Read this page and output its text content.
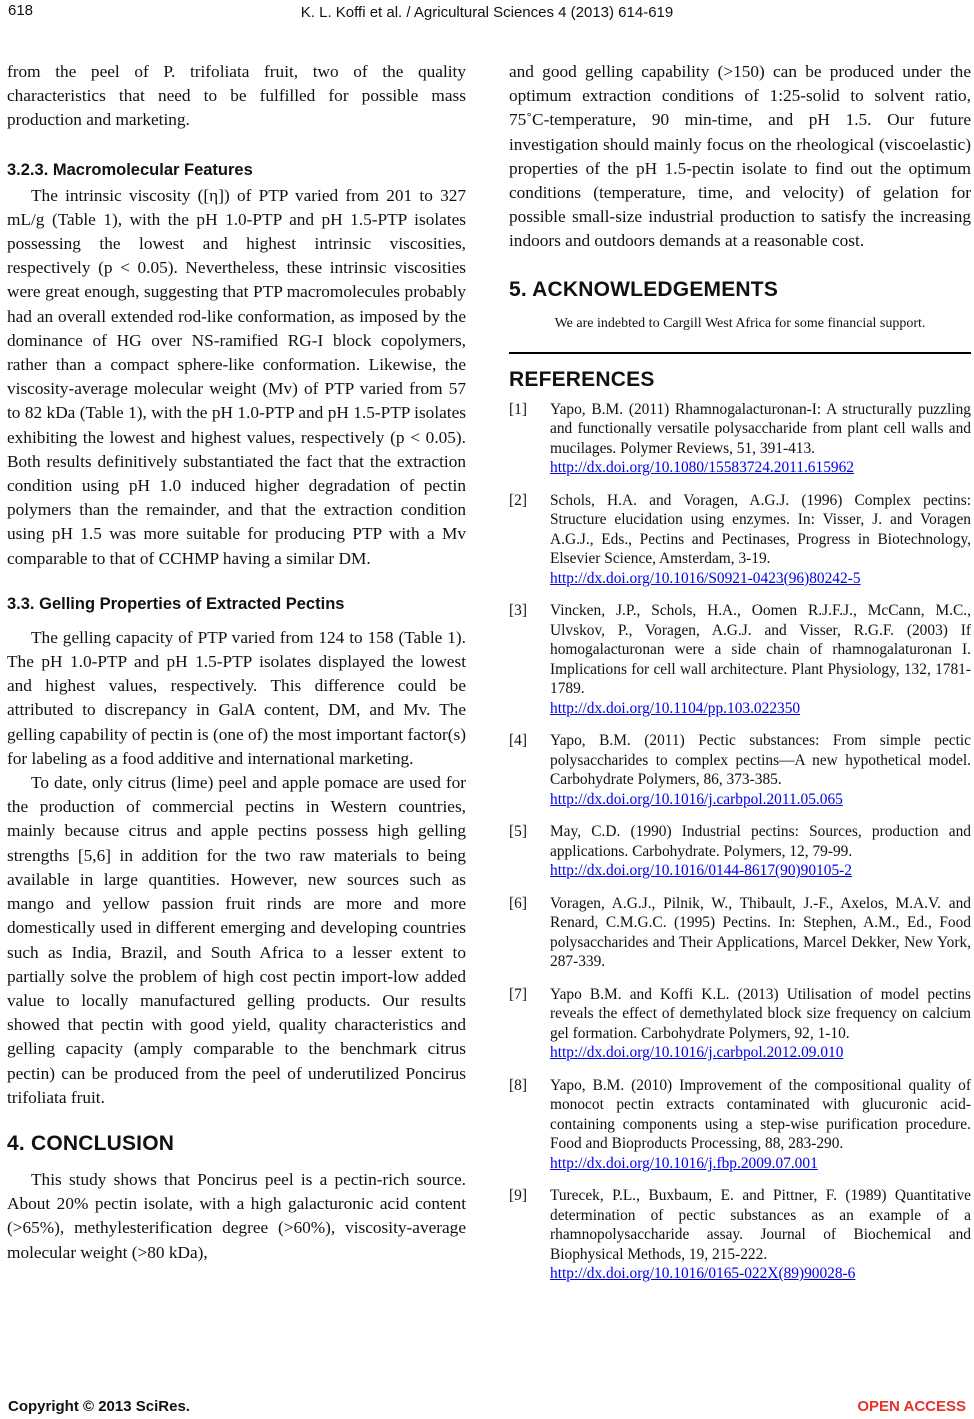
618	K. L. Koffi et al. / Agricultural Sciences 4 (2013) 614-619

from the peel of P. trifoliata fruit, two of the quality characteristics that need to be fulfilled for possible mass production and marketing.

3.2.3. Macromolecular Features

The intrinsic viscosity ([η]) of PTP varied from 201 to 327 mL/g (Table 1), with the pH 1.0-PTP and pH 1.5-PTP isolates possessing the lowest and highest intrinsic viscosities, respectively (p < 0.05). Nevertheless, these intrinsic viscosities were great enough, suggesting that PTP macromolecules probably had an overall extended rod-like conformation, as imposed by the dominance of HG over NS-ramified RG-I block copolymers, rather than a compact sphere-like conformation. Likewise, the viscosity-average molecular weight (Mv) of PTP varied from 57 to 82 kDa (Table 1), with the pH 1.0-PTP and pH 1.5-PTP isolates exhibiting the lowest and highest values, respectively (p < 0.05). Both results definitively substantiated the fact that the extraction condition using pH 1.0 induced higher degradation of pectin polymers than the remainder, and that the extraction condition using pH 1.5 was more suitable for producing PTP with a Mv comparable to that of CCHMP having a similar DM.

3.3. Gelling Properties of Extracted Pectins

The gelling capacity of PTP varied from 124 to 158 (Table 1). The pH 1.0-PTP and pH 1.5-PTP isolates displayed the lowest and highest values, respectively. This difference could be attributed to discrepancy in GalA content, DM, and Mv. The gelling capability of pectin is (one of) the most important factor(s) for labeling as a food additive and international marketing.

To date, only citrus (lime) peel and apple pomace are used for the production of commercial pectins in Western countries, mainly because citrus and apple pectins possess high gelling strengths [5,6] in addition for the two raw materials to being available in large quantities. However, new sources such as mango and yellow passion fruit rinds are more and more domestically used in different emerging and developing countries such as India, Brazil, and South Africa to a lesser extent to partially solve the problem of high cost pectin import-low added value to locally manufactured gelling products. Our results showed that pectin with good yield, quality characteristics and gelling capacity (amply comparable to the benchmark citrus pectin) can be produced from the peel of underutilized Poncirus trifoliata fruit.

4. CONCLUSION

This study shows that Poncirus peel is a pectin-rich source. About 20% pectin isolate, with a high galacturonic acid content (>65%), methylesterification degree (>60%), viscosity-average molecular weight (>80 kDa),

and good gelling capability (>150) can be produced under the optimum extraction conditions of 1:25-solid to solvent ratio, 75˚C-temperature, 90 min-time, and pH 1.5. Our future investigation should mainly focus on the rheological (viscoelastic) properties of the pH 1.5-pectin isolate to find out the optimum conditions (temperature, time, and velocity) of gelation for possible small-size industrial production to satisfy the increasing indoors and outdoors demands at a reasonable cost.

5. ACKNOWLEDGEMENTS

We are indebted to Cargill West Africa for some financial support.

REFERENCES
[1]	Yapo, B.M. (2011) Rhamnogalacturonan-I: A structurally puzzling and functionally versatile polysaccharide from plant cell walls and mucilages. Polymer Reviews, 51, 391-413.
http://dx.doi.org/10.1080/15583724.2011.615962
[2]	Schols, H.A. and Voragen, A.G.J. (1996) Complex pectins: Structure elucidation using enzymes. In: Visser, J. and Voragen A.G.J., Eds., Pectins and Pectinases, Progress in Biotechnology, Elsevier Science, Amsterdam, 3-19.
http://dx.doi.org/10.1016/S0921-0423(96)80242-5
[3]	Vincken, J.P., Schols, H.A., Oomen R.J.F.J., McCann, M.C., Ulvskov, P., Voragen, A.G.J. and Visser, R.G.F. (2003) If homogalacturonan were a side chain of rhamnogalaturonan I. Implications for cell wall architecture. Plant Physiology, 132, 1781-1789.
http://dx.doi.org/10.1104/pp.103.022350
[4]	Yapo, B.M. (2011) Pectic substances: From simple pectic polysaccharides to complex pectins—A new hypothetical model. Carbohydrate Polymers, 86, 373-385.
http://dx.doi.org/10.1016/j.carbpol.2011.05.065
[5]	May, C.D. (1990) Industrial pectins: Sources, production and applications. Carbohydrate. Polymers, 12, 79-99.
http://dx.doi.org/10.1016/0144-8617(90)90105-2
[6]	Voragen, A.G.J., Pilnik, W., Thibault, J.-F., Axelos, M.A.V. and Renard, C.M.G.C. (1995) Pectins. In: Stephen, A.M., Ed., Food polysaccharides and Their Applications, Marcel Dekker, New York, 287-339.
[7]	Yapo B.M. and Koffi K.L. (2013) Utilisation of model pectins reveals the effect of demethylated block size frequency on calcium gel formation. Carbohydrate Polymers, 92, 1-10.
http://dx.doi.org/10.1016/j.carbpol.2012.09.010
[8]	Yapo, B.M. (2010) Improvement of the compositional quality of monocot pectin extracts contaminated with glucuronic acid-containing components using a step-wise purification procedure. Food and Bioproducts Processing, 88, 283-290.
http://dx.doi.org/10.1016/j.fbp.2009.07.001
[9]	Turecek, P.L., Buxbaum, E. and Pittner, F. (1989) Quantitative determination of pectic substances as an example of a rhamnopolysaccharide assay. Journal of Biochemical and Biophysical Methods, 19, 215-222.
http://dx.doi.org/10.1016/0165-022X(89)90028-6
Copyright © 2013 SciRes.	OPEN ACCESS
